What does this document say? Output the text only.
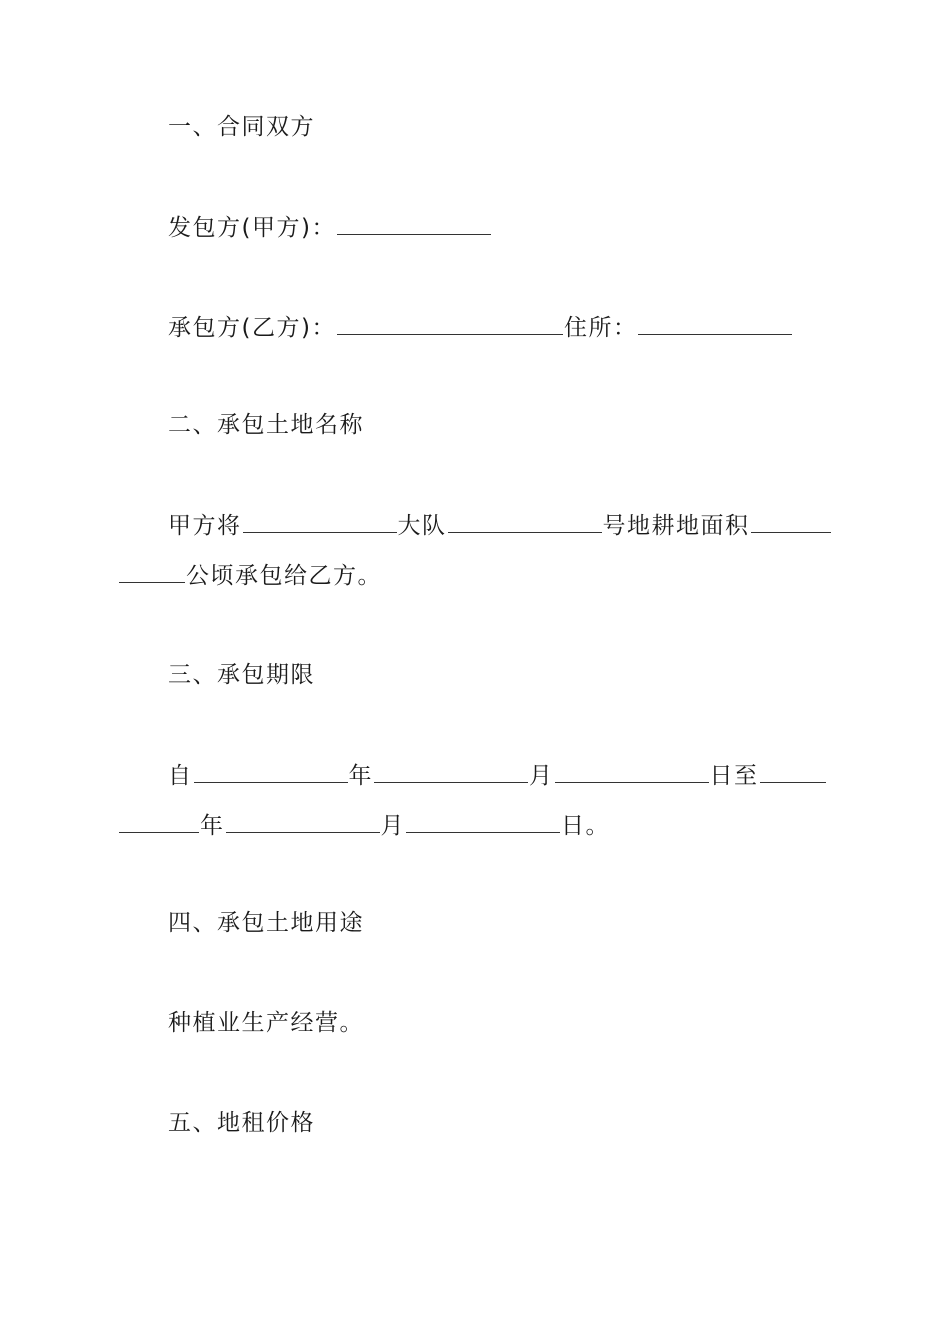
一、合同双方
发包方(甲方)：
承包方(乙方)：	住所：
二、承包土地名称
甲方将	大队	号地耕地面积
公顷承包给乙方。
三、承包期限
自	年	月	日至
年	月	日。
四、承包土地用途
种植业生产经营。
五、地租价格
